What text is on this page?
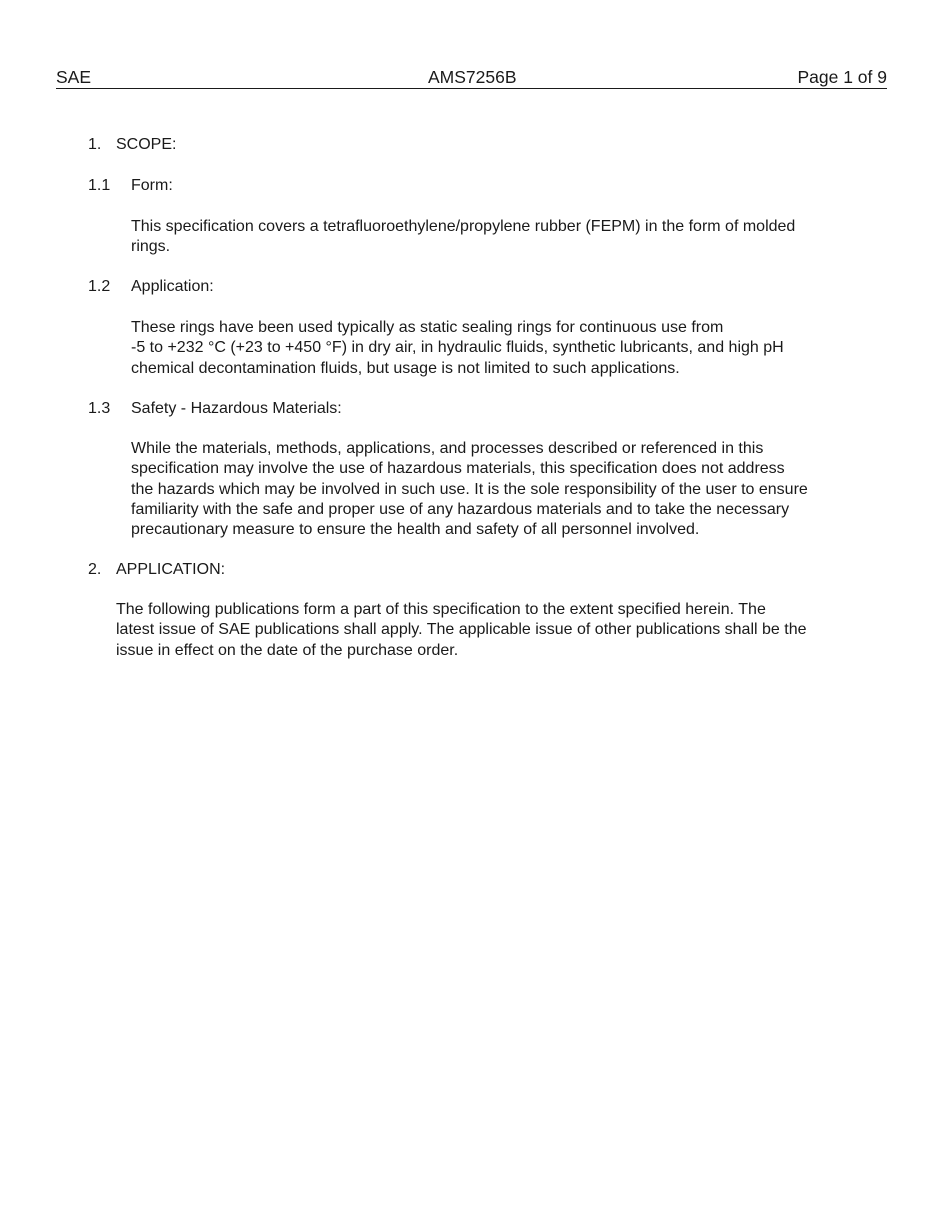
SAE	AMS7256B	Page 1 of 9
1. SCOPE:
1.1 Form:
This specification covers a tetrafluoroethylene/propylene rubber (FEPM) in the form of molded
rings.
1.2 Application:
These rings have been used typically as static sealing rings for continuous use from
-5 to +232 °C (+23 to +450 °F) in dry air, in hydraulic fluids, synthetic lubricants, and high pH
chemical decontamination fluids, but usage is not limited to such applications.
1.3 Safety - Hazardous Materials:
While the materials, methods, applications, and processes described or referenced in this
specification may involve the use of hazardous materials, this specification does not address
the hazards which may be involved in such use. It is the sole responsibility of the user to ensure
familiarity with the safe and proper use of any hazardous materials and to take the necessary
precautionary measure to ensure the health and safety of all personnel involved.
2. APPLICATION:
The following publications form a part of this specification to the extent specified herein. The
latest issue of SAE publications shall apply. The applicable issue of other publications shall be the
issue in effect on the date of the purchase order.
